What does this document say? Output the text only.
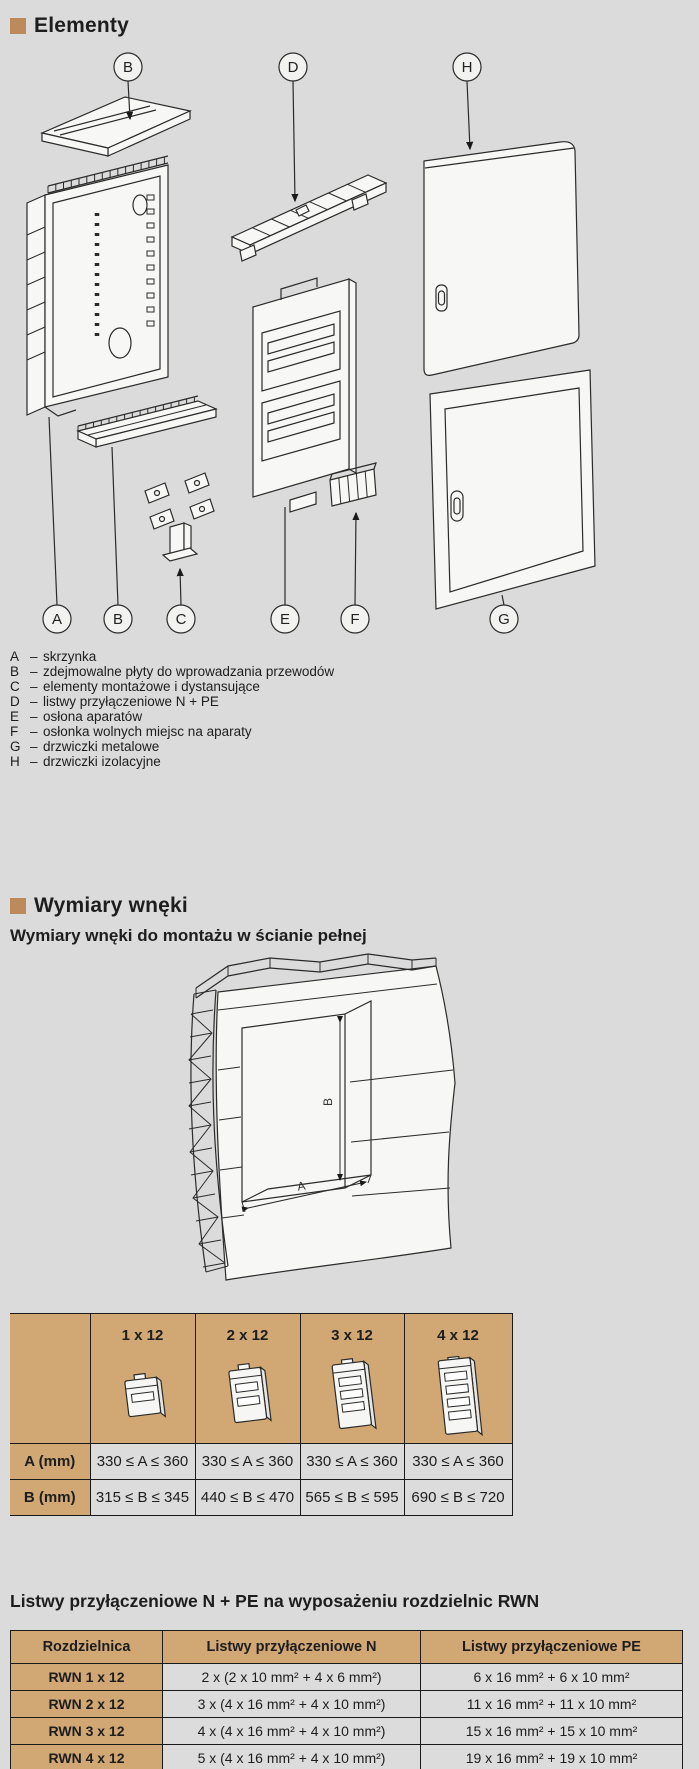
Elementy
B	D	H
A	B	C	E	F	G
A – skrzynka
B – zdejmowalne płyty do wprowadzania przewodów
C – elementy montażowe i dystansujące
D – listwy przyłączeniowe N + PE
E – osłona aparatów
F – osłonka wolnych miejsc na aparaty
G – drzwiczki metalowe
H – drzwiczki izolacyjne
Wymiary wnęki
Wymiary wnęki do montażu w ścianie pełnej
B
A
	1 x 12	2 x 12	3 x 12	4 x 12

A (mm)	330 ≤ A ≤ 360	330 ≤ A ≤ 360	330 ≤ A ≤ 360	330 ≤ A ≤ 360
B (mm)	315 ≤ B ≤ 345	440 ≤ B ≤ 470	565 ≤ B ≤ 595	690 ≤ B ≤ 720
Listwy przyłączeniowe N + PE na wyposażeniu rozdzielnic RWN
Rozdzielnica	Listwy przyłączeniowe N	Listwy przyłączeniowe PE
RWN 1 x 12	2 x (2 x 10 mm² + 4 x 6 mm²)	6 x 16 mm² + 6 x 10 mm²
RWN 2 x 12	3 x (4 x 16 mm² + 4 x 10 mm²)	11 x 16 mm² + 11 x 10 mm²
RWN 3 x 12	4 x (4 x 16 mm² + 4 x 10 mm²)	15 x 16 mm² + 15 x 10 mm²
RWN 4 x 12	5 x (4 x 16 mm² + 4 x 10 mm²)	19 x 16 mm² + 19 x 10 mm²
